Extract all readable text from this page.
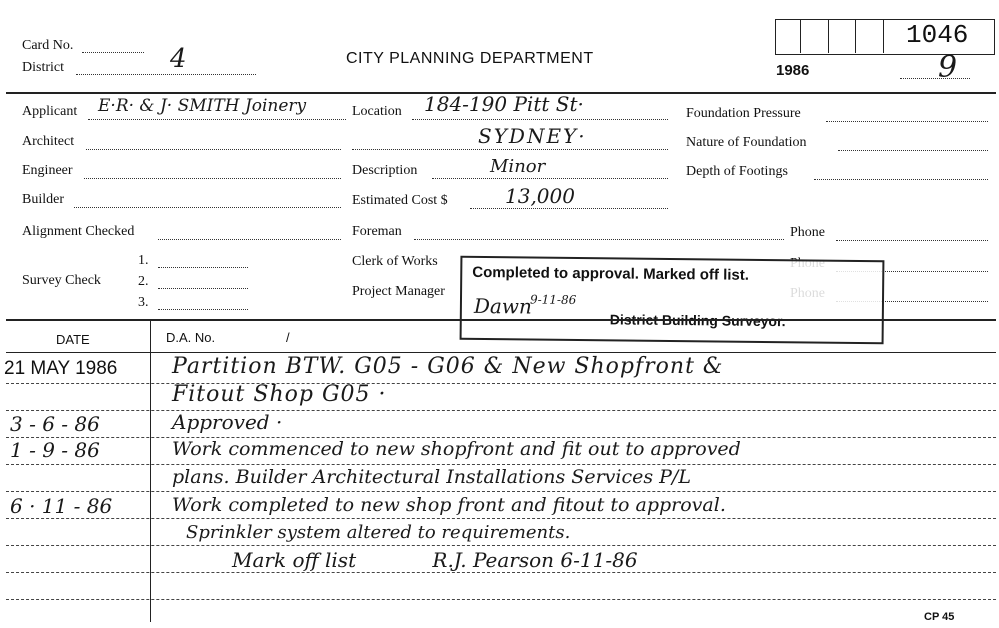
Card No.
District	4	CITY PLANNING DEPARTMENT
1986
1046
9
Applicant E·R· & J· SMITH Joinery
Architect
Engineer
Builder
Alignment Checked
Survey Check
1.
2.
3.
Location 184-190 Pitt St·
SYDNEY·
Description	Minor
Estimated Cost $	13,000
Foreman
Clerk of Works
Project Manager
Foundation Pressure
Nature of Foundation
Depth of Footings
Phone
Completed to approval. Marked off list.
Dawn
9-11-86
District Building Surveyor.
DATE	D.A. No.	/
21 MAY 1986 Partition BTW. G05 - G06 & New Shopfront &
Fitout Shop G05 ·
3 - 6 - 86	Approved ·
1 - 9 - 86	Work commenced to new shopfront and fit out to approved
plans. Builder Architectural Installations Services P/L
6 · 11 - 86	Work completed to new shop front and fitout to approval.
Sprinkler system altered to requirements.
Mark off list            R.J. Pearson 6-11-86
CP 45
